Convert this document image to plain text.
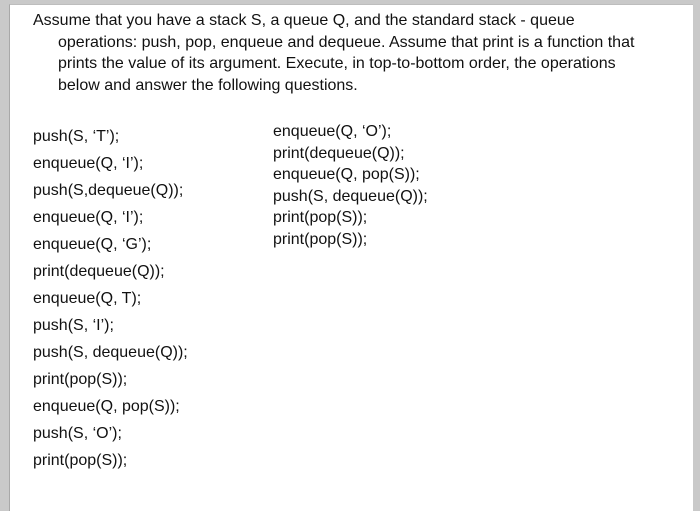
Assume that you have a stack S, a queue Q, and the standard stack - queue operations: push, pop, enqueue and dequeue. Assume that print is a function that prints the value of its argument. Execute, in top-to-bottom order, the operations below and answer the following questions.

push(S, ‘T’);
enqueue(Q, ‘I’);
push(S,dequeue(Q));
enqueue(Q, ‘I’);
enqueue(Q, ‘G’);
print(dequeue(Q));
enqueue(Q, T);
push(S, ‘I’);
push(S, dequeue(Q));
print(pop(S));
enqueue(Q, pop(S));
push(S, ‘O’);
print(pop(S));
enqueue(Q, ‘O’);
print(dequeue(Q));
enqueue(Q, pop(S));
push(S, dequeue(Q));
print(pop(S));
print(pop(S));
